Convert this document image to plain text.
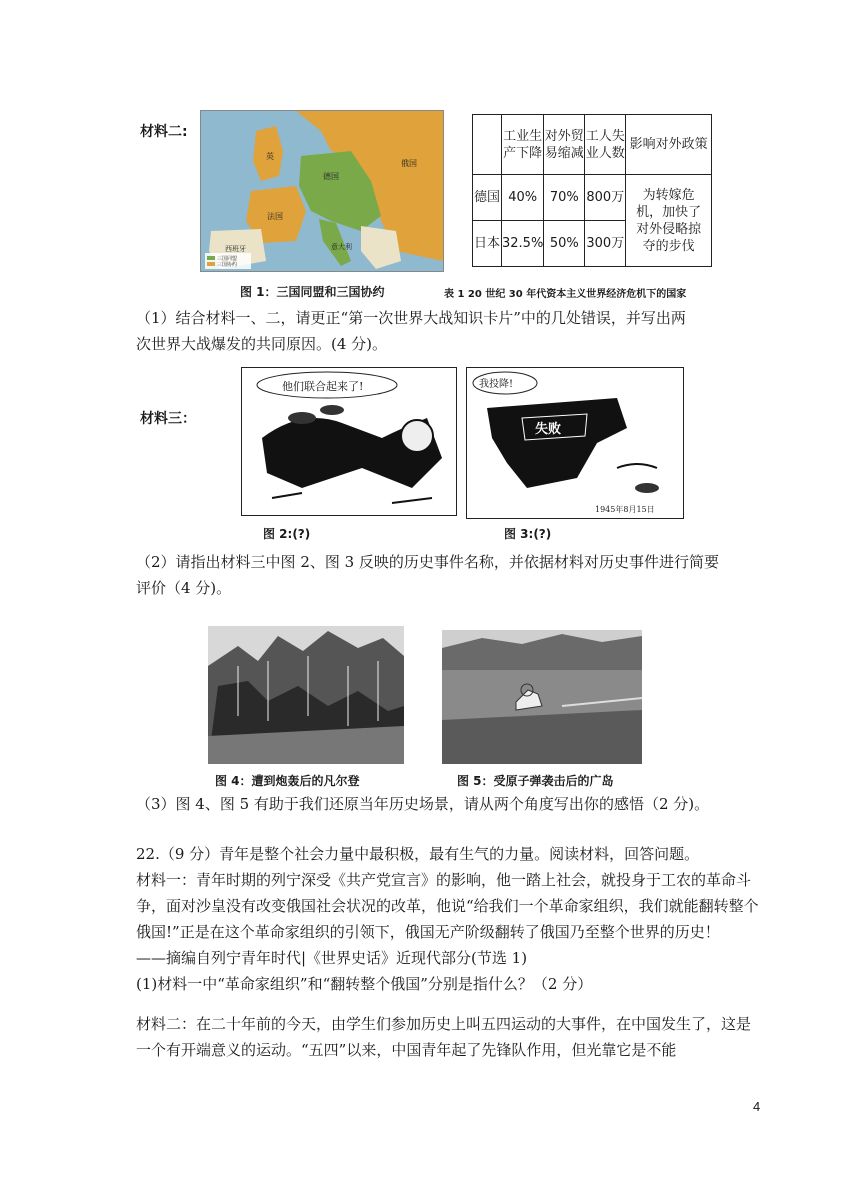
材料二:
英
法国
德国
俄国
西班牙	意大利
三国同盟
三国协约
	工业生产下降	对外贸易缩减	工人失业人数	影响对外政策
德国	40%	70%	800万	为转嫁危机，加快了对外侵略掠夺的步伐
日本	32.5%	50%	300万	
图 1：三国同盟和三国协约	表 1 20 世纪 30 年代资本主义世界经济危机下的国家
（1）结合材料一、二，请更正“第一次世界大战知识卡片”中的几处错误，并写出两
次世界大战爆发的共同原因。(4 分)。
材料三：
他们联合起来了!	我投降!
失败
1945年8月15日
图 2:(?)	图 3:(?)
（2）请指出材料三中图 2、图 3 反映的历史事件名称，并依据材料对历史事件进行简要
评价（4 分)。
图 4：遭到炮轰后的凡尔登	图 5：受原子弹袭击后的广岛
（3）图 4、图 5 有助于我们还原当年历史场景，请从两个角度写出你的感悟（2 分)。
22.（9 分）青年是整个社会力量中最积极，最有生气的力量。阅读材料，回答问题。
材料一：青年时期的列宁深受《共产党宣言》的影响，他一踏上社会，就投身于工农的革命斗争，面对沙皇没有改变俄国社会状况的改革，他说“给我们一个革命家组织，我们就能翻转整个俄国!”正是在这个革命家组织的引领下，俄国无产阶级翻转了俄国乃至整个世界的历史！　　——摘编自列宁青年时代|《世界史话》近现代部分(节选 1)
(1)材料一中“革命家组织”和“翻转整个俄国”分别是指什么？（2 分）
材料二：在二十年前的今天，由学生们参加历史上叫五四运动的大事件，在中国发生了，这是一个有开端意义的运动。“五四”以来，中国青年起了先锋队作用，但光靠它是不能
4
